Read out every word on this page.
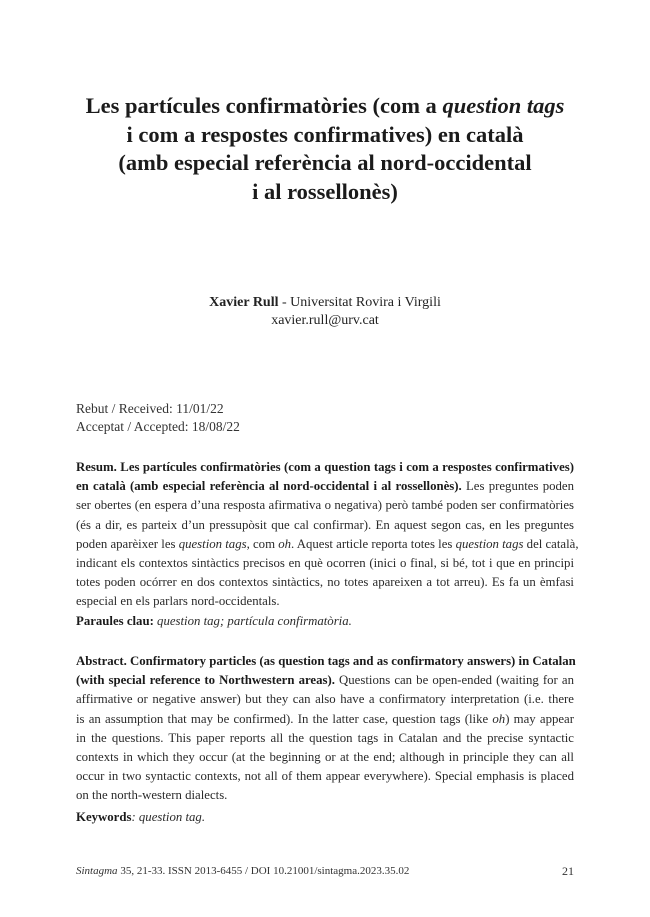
Les partícules confirmatòries (com a question tags
i com a respostes confirmatives) en català
(amb especial referència al nord-occidental
i al rossellonès)
Xavier Rull - Universitat Rovira i Virgili
xavier.rull@urv.cat
Rebut / Received: 11/01/22
Acceptat / Accepted: 18/08/22
Resum. Les partícules confirmatòries (com a question tags i com a respostes confirmatives)
en català (amb especial referència al nord-occidental i al rossellonès). Les preguntes poden
ser obertes (en espera d’una resposta afirmativa o negativa) però també poden ser confirmatòries
(és a dir, es parteix d’un pressupòsit que cal confirmar). En aquest segon cas, en les preguntes
poden aparèixer les question tags, com oh. Aquest article reporta totes les question tags del català,
indicant els contextos sintàctics precisos en què ocorren (inici o final, si bé, tot i que en principi
totes poden ocórrer en dos contextos sintàctics, no totes apareixen a tot arreu). Es fa un èmfasi
especial en els parlars nord-occidentals.
Paraules clau: question tag; partícula confirmatòria.
Abstract. Confirmatory particles (as question tags and as confirmatory answers) in Catalan
(with special reference to Northwestern areas). Questions can be open-ended (waiting for an
affirmative or negative answer) but they can also have a confirmatory interpretation (i.e. there
is an assumption that may be confirmed). In the latter case, question tags (like oh) may appear
in the questions. This paper reports all the question tags in Catalan and the precise syntactic
contexts in which they occur (at the beginning or at the end; although in principle they can all
occur in two syntactic contexts, not all of them appear everywhere). Special emphasis is placed
on the north-western dialects.
Keywords: question tag.
Sintagma 35, 21-33. ISSN 2013-6455 / DOI 10.21001/sintagma.2023.35.02	21
